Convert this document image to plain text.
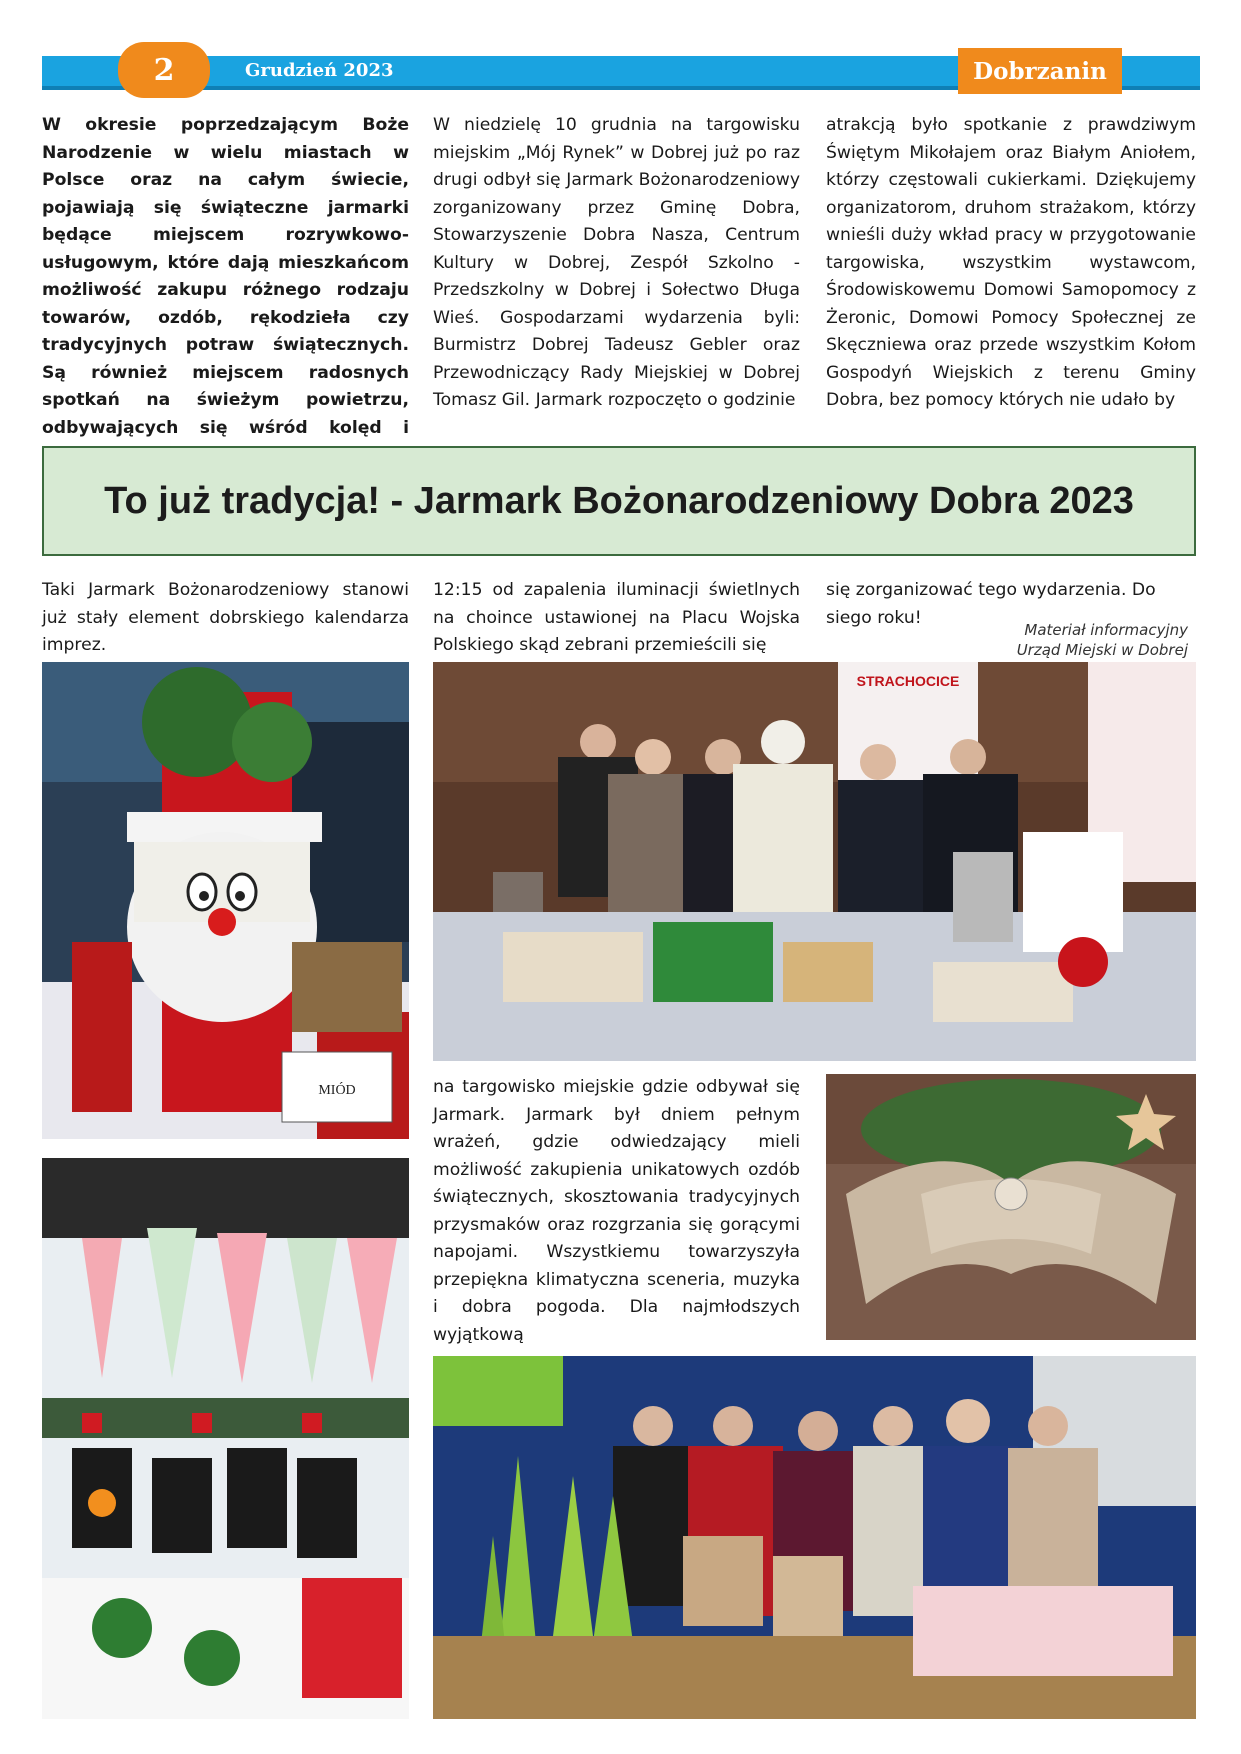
2	Grudzień 2023	Dobrzanin
W okresie poprzedzającym Boże Narodzenie w wielu miastach w Polsce oraz na całym świecie, pojawiają się świąteczne jarmarki będące miejscem rozrywkowo-usługowym, które dają mieszkańcom możliwość zakupu różnego rodzaju towarów, ozdób, rękodzieła czy tradycyjnych potraw świątecznych. Są również miejscem radosnych spotkań na świeżym powietrzu, odbywających się wśród kolęd i
W niedzielę 10 grudnia na targowisku miejskim „Mój Rynek” w Dobrej już po raz drugi odbył się Jarmark Bożonarodzeniowy zorganizowany przez Gminę Dobra, Stowarzyszenie Dobra Nasza, Centrum Kultury w Dobrej, Zespół Szkolno - Przedszkolny w Dobrej i Sołectwo Długa Wieś. Gospodarzami wydarzenia byli: Burmistrz Dobrej Tadeusz Gebler oraz Przewodniczący Rady Miejskiej w Dobrej Tomasz Gil. Jarmark rozpoczęto o godzinie
atrakcją było spotkanie z prawdziwym Świętym Mikołajem oraz Białym Aniołem, którzy częstowali cukierkami. Dziękujemy organizatorom, druhom strażakom, którzy wnieśli duży wkład pracy w przygotowanie targowiska, wszystkim wystawcom, Środowiskowemu Domowi Samopomocy z Żeronic, Domowi Pomocy Społecznej ze Skęczniewa oraz przede wszystkim Kołom Gospodyń Wiejskich z terenu Gminy Dobra, bez pomocy których nie udało by
To już tradycja! - Jarmark Bożonarodzeniowy Dobra 2023
Taki Jarmark Bożonarodzeniowy stanowi już stały element dobrskiego kalendarza imprez.
12:15 od zapalenia iluminacji świetlnych na choince ustawionej na Placu Wojska Polskiego skąd zebrani przemieścili się
się zorganizować tego wydarzenia. Do siego roku!
Materiał informacyjny
Urząd Miejski w Dobrej
MIÓD
STRACHOCICE
na targowisko miejskie gdzie odbywał się Jarmark. Jarmark był dniem pełnym wrażeń, gdzie odwiedzający mieli możliwość zakupienia unikatowych ozdób świątecznych, skosztowania tradycyjnych przysmaków oraz rozgrzania się gorącymi napojami. Wszystkiemu towarzyszyła przepiękna klimatyczna sceneria, muzyka i dobra pogoda. Dla najmłodszych wyjątkową
